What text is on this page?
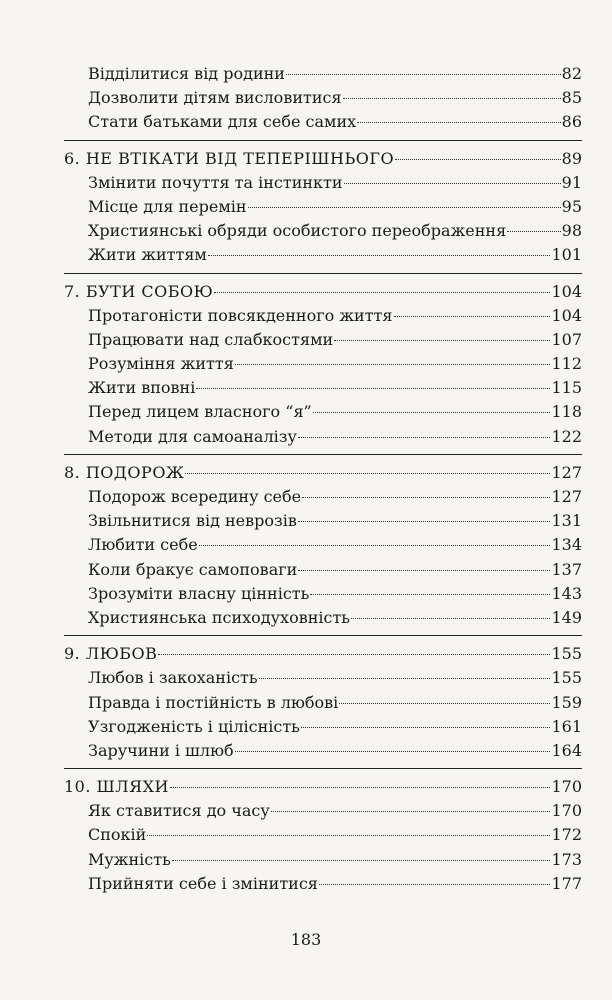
Відділитися від родини	82
Дозволити дітям висловитися	85
Стати батьками для себе самих	86
6. НЕ ВТІКАТИ ВІД ТЕПЕРІШНЬОГО	89
Змінити почуття та інстинкти	91
Місце для перемін	95
Християнські обряди особистого переображення	98
Жити життям	101
7. БУТИ СОБОЮ	104
Протагоністи повсякденного життя	104
Працювати над слабкостями	107
Розуміння життя	112
Жити вповні	115
Перед лицем власного “я”	118
Методи для самоаналізу	122
8. ПОДОРОЖ	127
Подорож всередину себе	127
Звільнитися від неврозів	131
Любити себе	134
Коли бракує самоповаги	137
Зрозуміти власну цінність	143
Християнська психодуховність	149
9. ЛЮБОВ	155
Любов і закоханість	155
Правда і постійність в любові	159
Узгодженість і цілісність	161
Заручини і шлюб	164
10. ШЛЯХИ	170
Як ставитися до часу	170
Спокій	172
Мужність	173
Прийняти себе і змінитися	177
183
